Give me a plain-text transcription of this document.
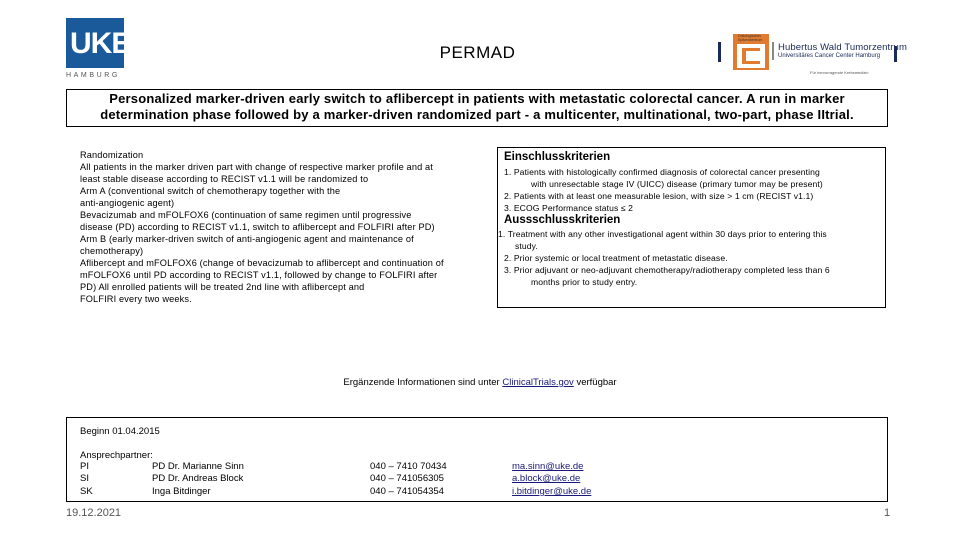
UKE
HAMBURG
PERMAD
Onkologisches Spitzenzentrum
Hubertus Wald Tumorzentrum
Universitäres Cancer Center Hamburg
Für hervorragende Krebsmedizin
Personalized marker-driven early switch to aflibercept in patients with metastatic colorectal cancer. A run in marker determination phase followed by a marker-driven randomized part - a multicenter, multinational, two-part, phase IItrial.
Randomization
All patients in the marker driven part with change of respective marker profile and at
least stable disease according to RECIST v1.1 will be randomized to
Arm A (conventional switch of chemotherapy together with the
anti-angiogenic agent)
Bevacizumab and mFOLFOX6 (continuation of same regimen until progressive
disease (PD) according to RECIST v1.1, switch to aflibercept and FOLFIRI after PD)
Arm B (early marker-driven switch of anti-angiogenic agent and maintenance of
chemotherapy)
Aflibercept and mFOLFOX6 (change of bevacizumab to aflibercept and continuation of
mFOLFOX6 until PD according to RECIST v1.1, followed by change to FOLFIRI after
PD) All enrolled patients will be treated 2nd line with aflibercept and
FOLFIRI every two weeks.
Einschlusskriterien
1. Patients with histologically confirmed diagnosis of colorectal cancer presenting
with unresectable stage IV (UICC) disease (primary tumor may be present)
2. Patients with at least one measurable lesion, with size > 1 cm (RECIST v1.1)
3. ECOG Performance status ≤ 2
Aussschlusskriterien
1. Treatment with any other investigational agent within 30 days prior to entering this
study.
2. Prior systemic or local treatment of metastatic disease.
3. Prior adjuvant or neo-adjuvant chemotherapy/radiotherapy completed less than 6
months prior to study entry.
Ergänzende Informationen sind unter ClinicalTrials.gov verfügbar
Beginn 01.04.2015
Ansprechpartner:
PI	PD Dr. Marianne Sinn	040 – 7410 70434	ma.sinn@uke.de
SI	PD Dr. Andreas Block	040 – 741056305	a.block@uke.de
SK	Inga Bitdinger	040 – 741054354	i.bitdinger@uke.de
19.12.2021	1
